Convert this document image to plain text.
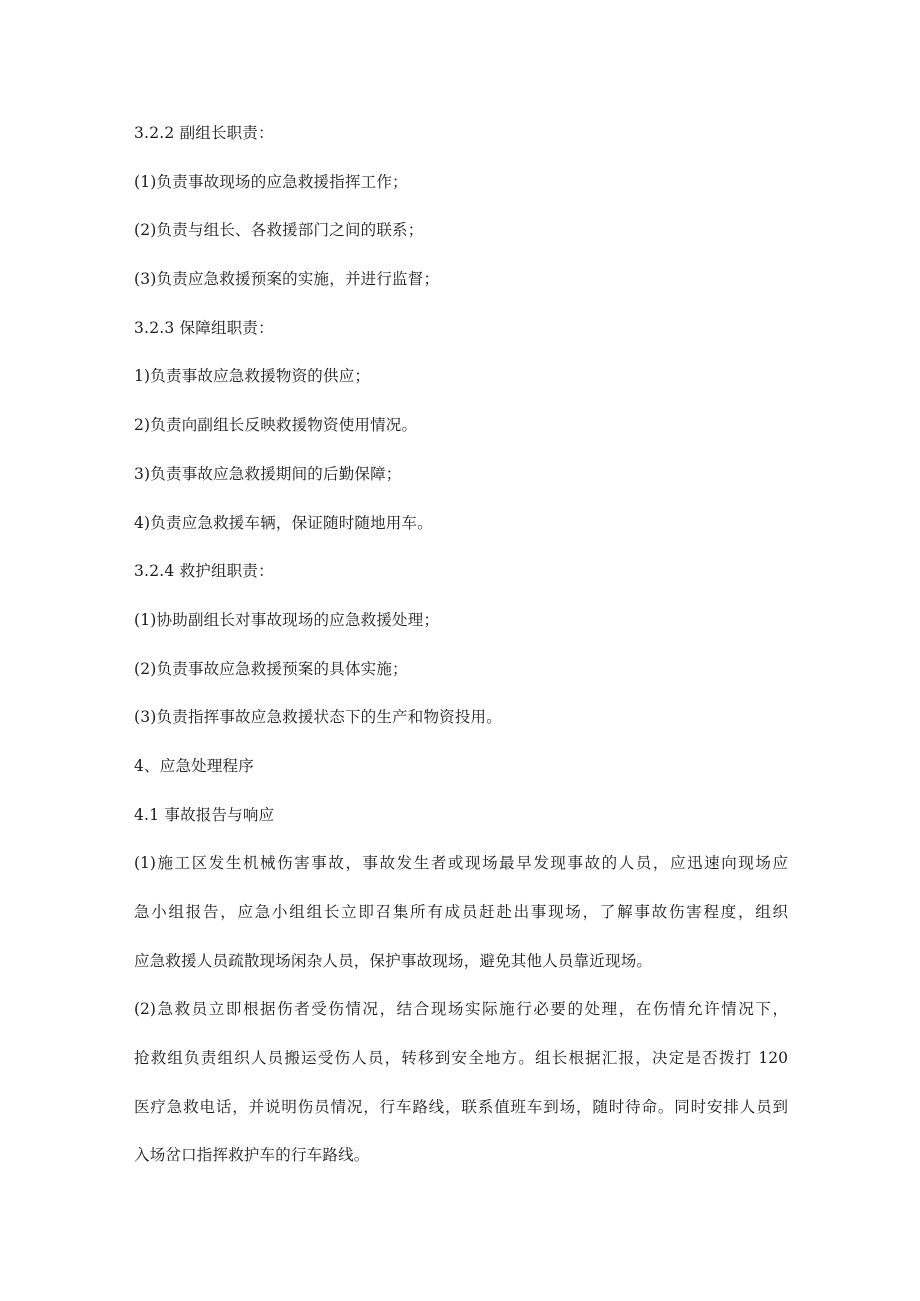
3.2.2 副组长职责：
(1)负责事故现场的应急救援指挥工作；
(2)负责与组长、各救援部门之间的联系；
(3)负责应急救援预案的实施，并进行监督；
3.2.3 保障组职责：
1)负责事故应急救援物资的供应；
2)负责向副组长反映救援物资使用情况。
3)负责事故应急救援期间的后勤保障；
4)负责应急救援车辆，保证随时随地用车。
3.2.4 救护组职责：
(1)协助副组长对事故现场的应急救援处理；
(2)负责事故应急救援预案的具体实施；
(3)负责指挥事故应急救援状态下的生产和物资投用。
4、应急处理程序
4.1 事故报告与响应
(1)施工区发生机械伤害事故，事故发生者或现场最早发现事故的人员，应迅速向现场应
急小组报告，应急小组组长立即召集所有成员赶赴出事现场，了解事故伤害程度，组织
应急救援人员疏散现场闲杂人员，保护事故现场，避免其他人员靠近现场。
(2)急救员立即根据伤者受伤情况，结合现场实际施行必要的处理，在伤情允许情况下，
抢救组负责组织人员搬运受伤人员，转移到安全地方。组长根据汇报，决定是否拨打 120
医疗急救电话，并说明伤员情况，行车路线，联系值班车到场，随时待命。同时安排人员到
入场岔口指挥救护车的行车路线。
